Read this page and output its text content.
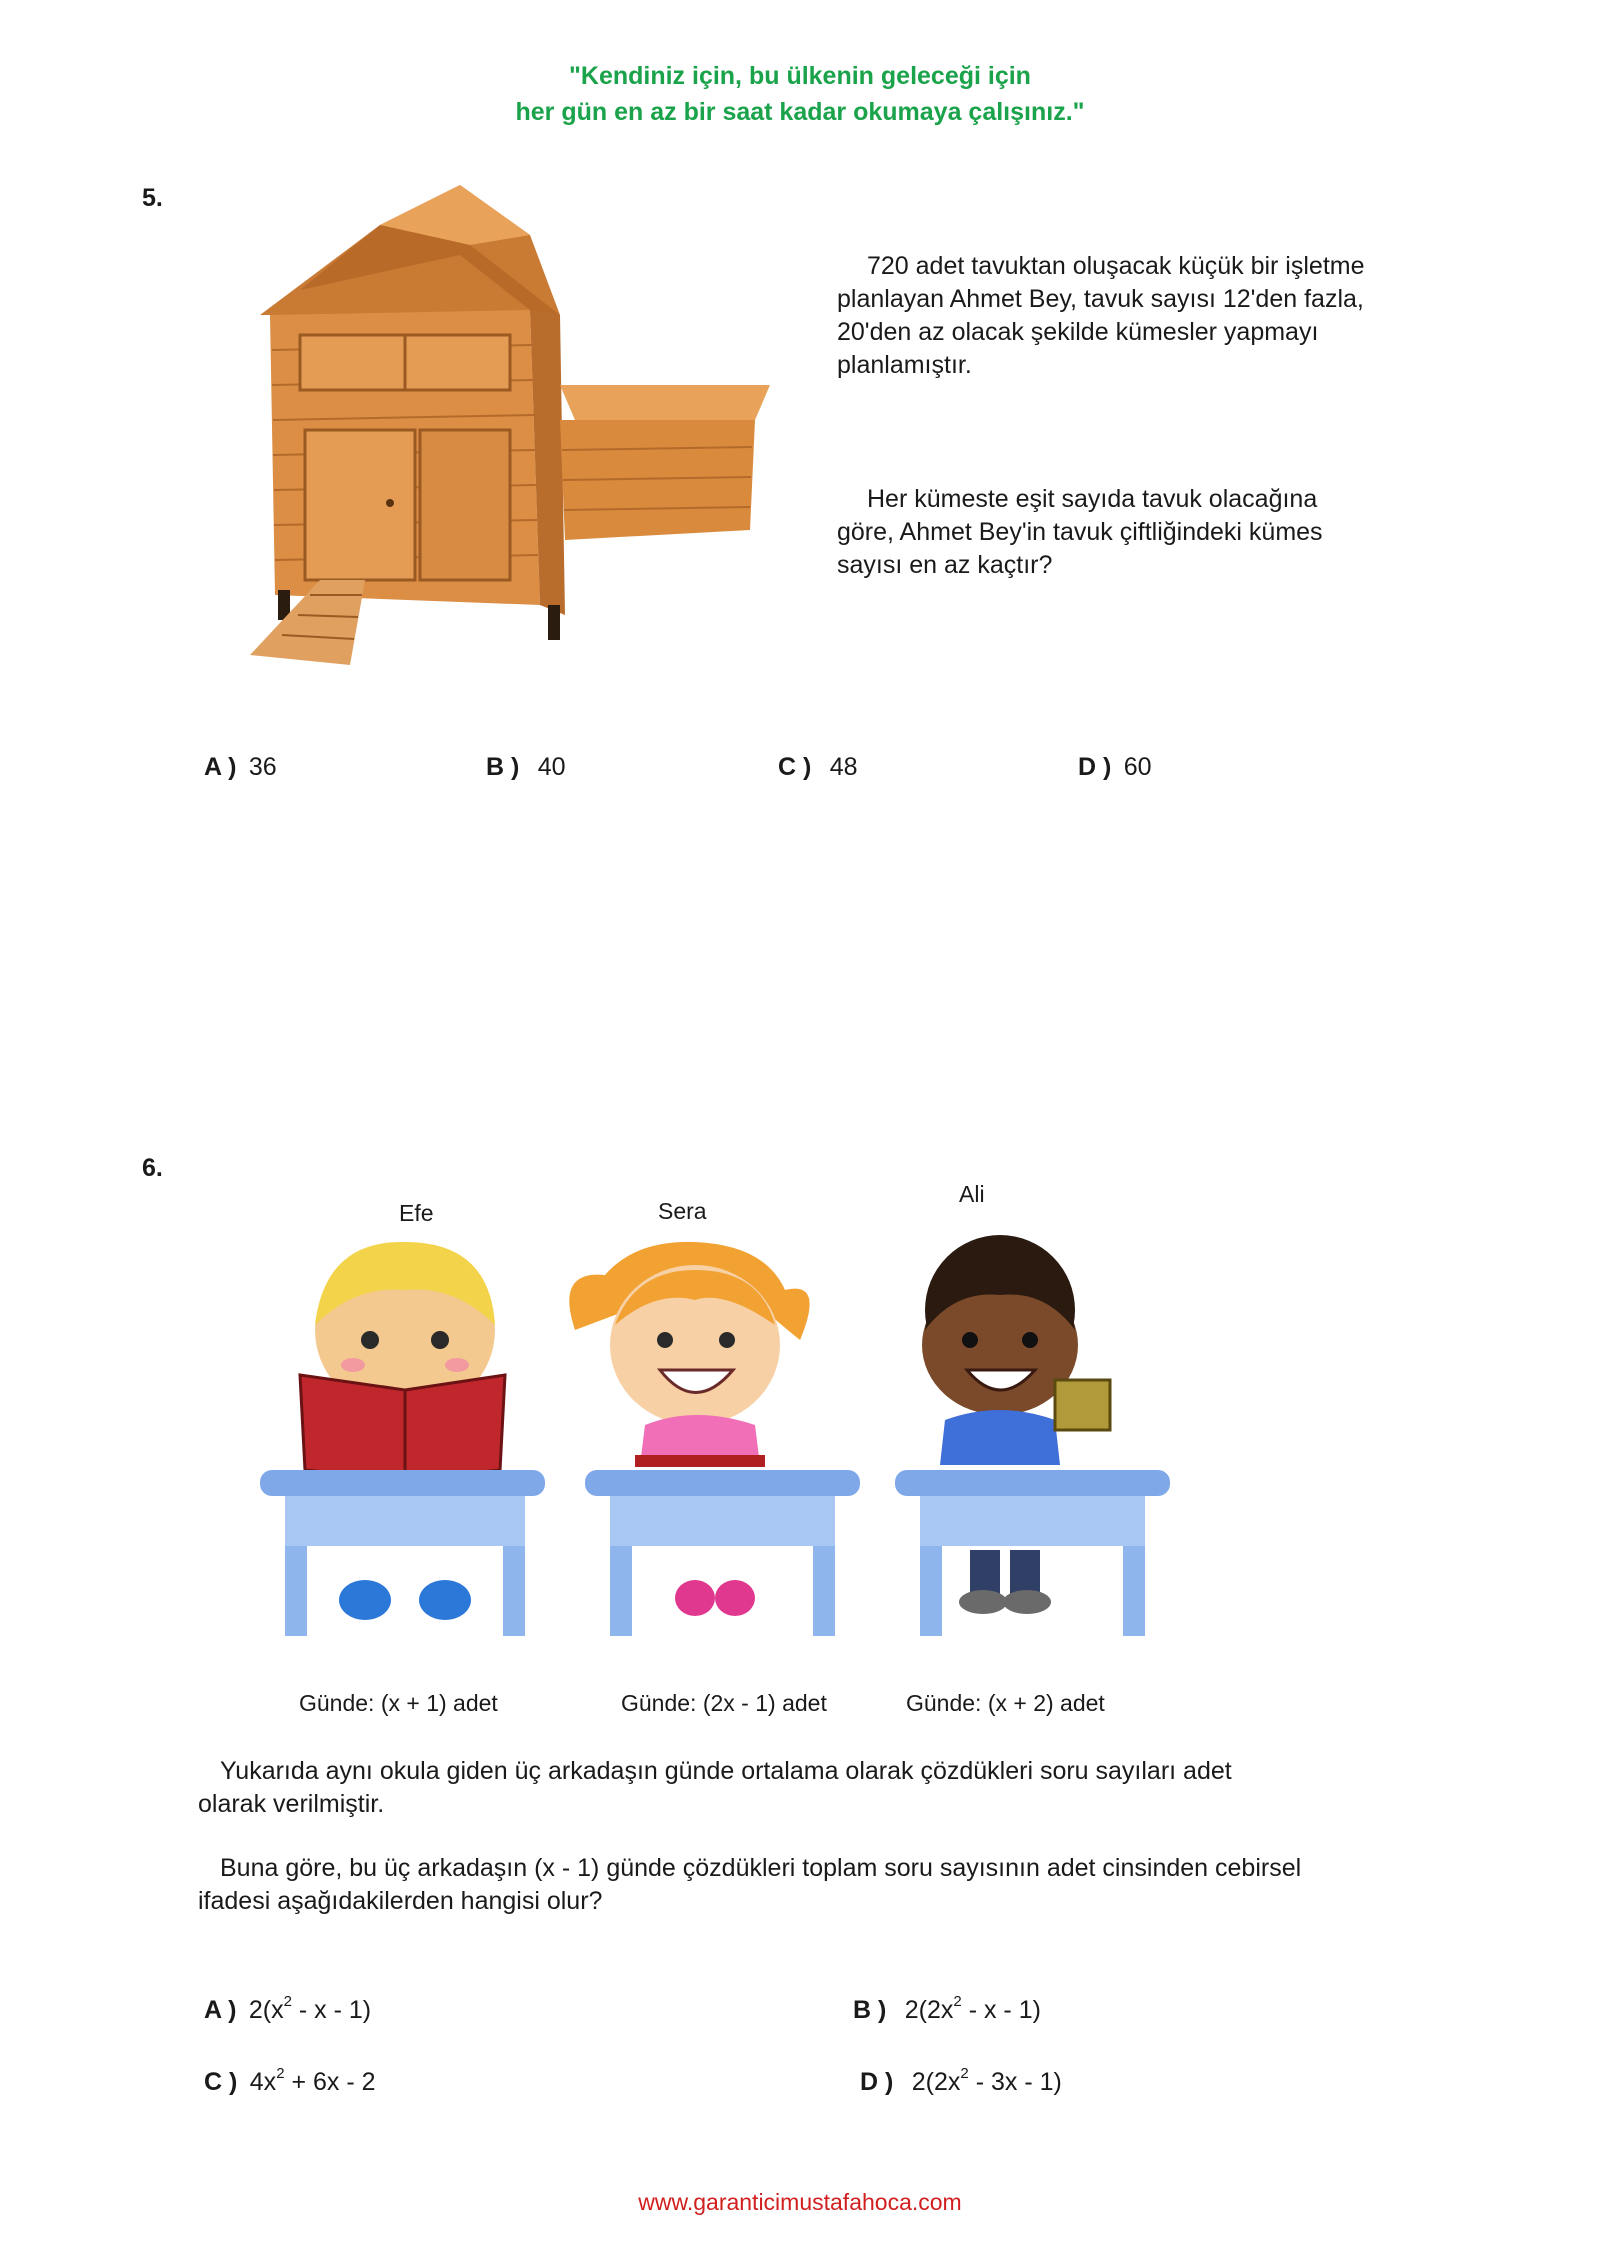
"Kendiniz için, bu ülkenin geleceği için
her gün en az bir saat kadar okumaya çalışınız."
5.
720 adet tavuktan oluşacak küçük bir işletme
planlayan Ahmet Bey, tavuk sayısı 12'den fazla,
20'den az olacak şekilde kümesler yapmayı
planlamıştır.
Her kümeste eşit sayıda tavuk olacağına
göre, Ahmet Bey'in tavuk çiftliğindeki kümes
sayısı en az kaçtır?
A ) 36	B ) 40	C ) 48	D ) 60
6.
Efe	Sera
Ali
Günde: (x + 1) adet	Günde: (2x - 1) adet	Günde: (x + 2) adet
Yukarıda aynı okula giden üç arkadaşın günde ortalama olarak çözdükleri soru sayıları adet
olarak verilmiştir.
Buna göre, bu üç arkadaşın (x - 1) günde çözdükleri toplam soru sayısının adet cinsinden cebirsel
ifadesi aşağıdakilerden hangisi olur?
A ) $2(x^2$ - x - 1)	B ) $2(2x^2$ - x - 1)
C ) $4x^2 + 6x - 2$	D ) $2(2x^2 - 3x - 1)$
www.garanticimustafahoca.com
